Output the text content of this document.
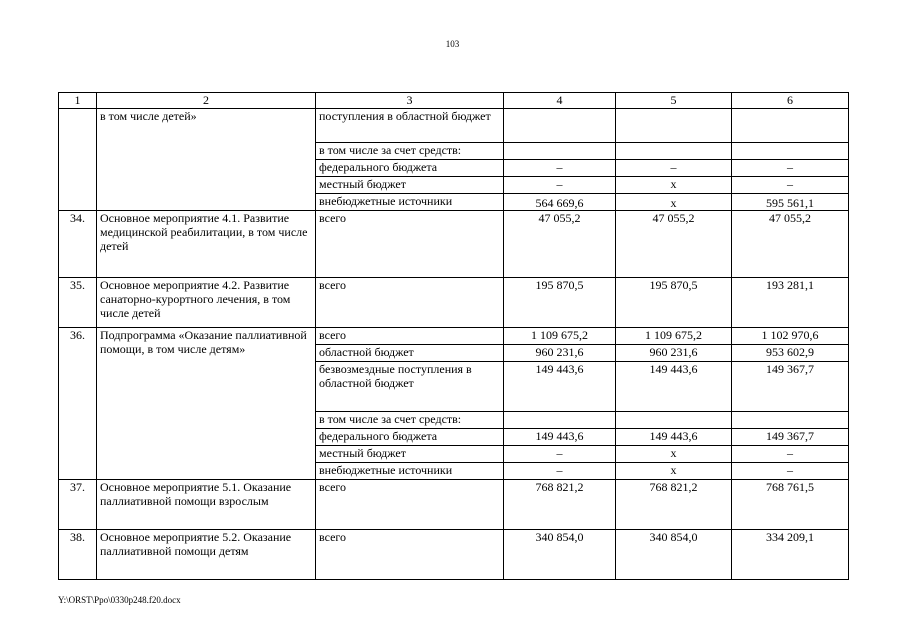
103
1	2	3	4	5	6
	в том числе детей»	поступления в областной бюджет			
		в том числе за счет средств:			
		федерального бюджета	–	–	–
		местный бюджет	–	х	–
		внебюджетные источники	564 669,6	х	595 561,1
34.	Основное мероприятие 4.1. Развитие медицинской реабилитации, в том числе детей	всего	47 055,2	47 055,2	47 055,2
35.	Основное мероприятие 4.2. Развитие санаторно-курортного лечения, в том числе детей	всего	195 870,5	195 870,5	193 281,1
36.	Подпрограмма «Оказание паллиативной помощи, в том числе детям»	всего	1 109 675,2	1 109 675,2	1 102 970,6
		областной бюджет	960 231,6	960 231,6	953 602,9
		безвозмездные поступления в областной бюджет	149 443,6	149 443,6	149 367,7
		в том числе за счет средств:			
		федерального бюджета	149 443,6	149 443,6	149 367,7
		местный бюджет	–	х	–
		внебюджетные источники	–	х	–
37.	Основное мероприятие 5.1. Оказание паллиативной помощи взрослым	всего	768 821,2	768 821,2	768 761,5
38.	Основное мероприятие 5.2. Оказание паллиативной помощи детям	всего	340 854,0	340 854,0	334 209,1
Y:\ORST\Ppo\0330p248.f20.docx
